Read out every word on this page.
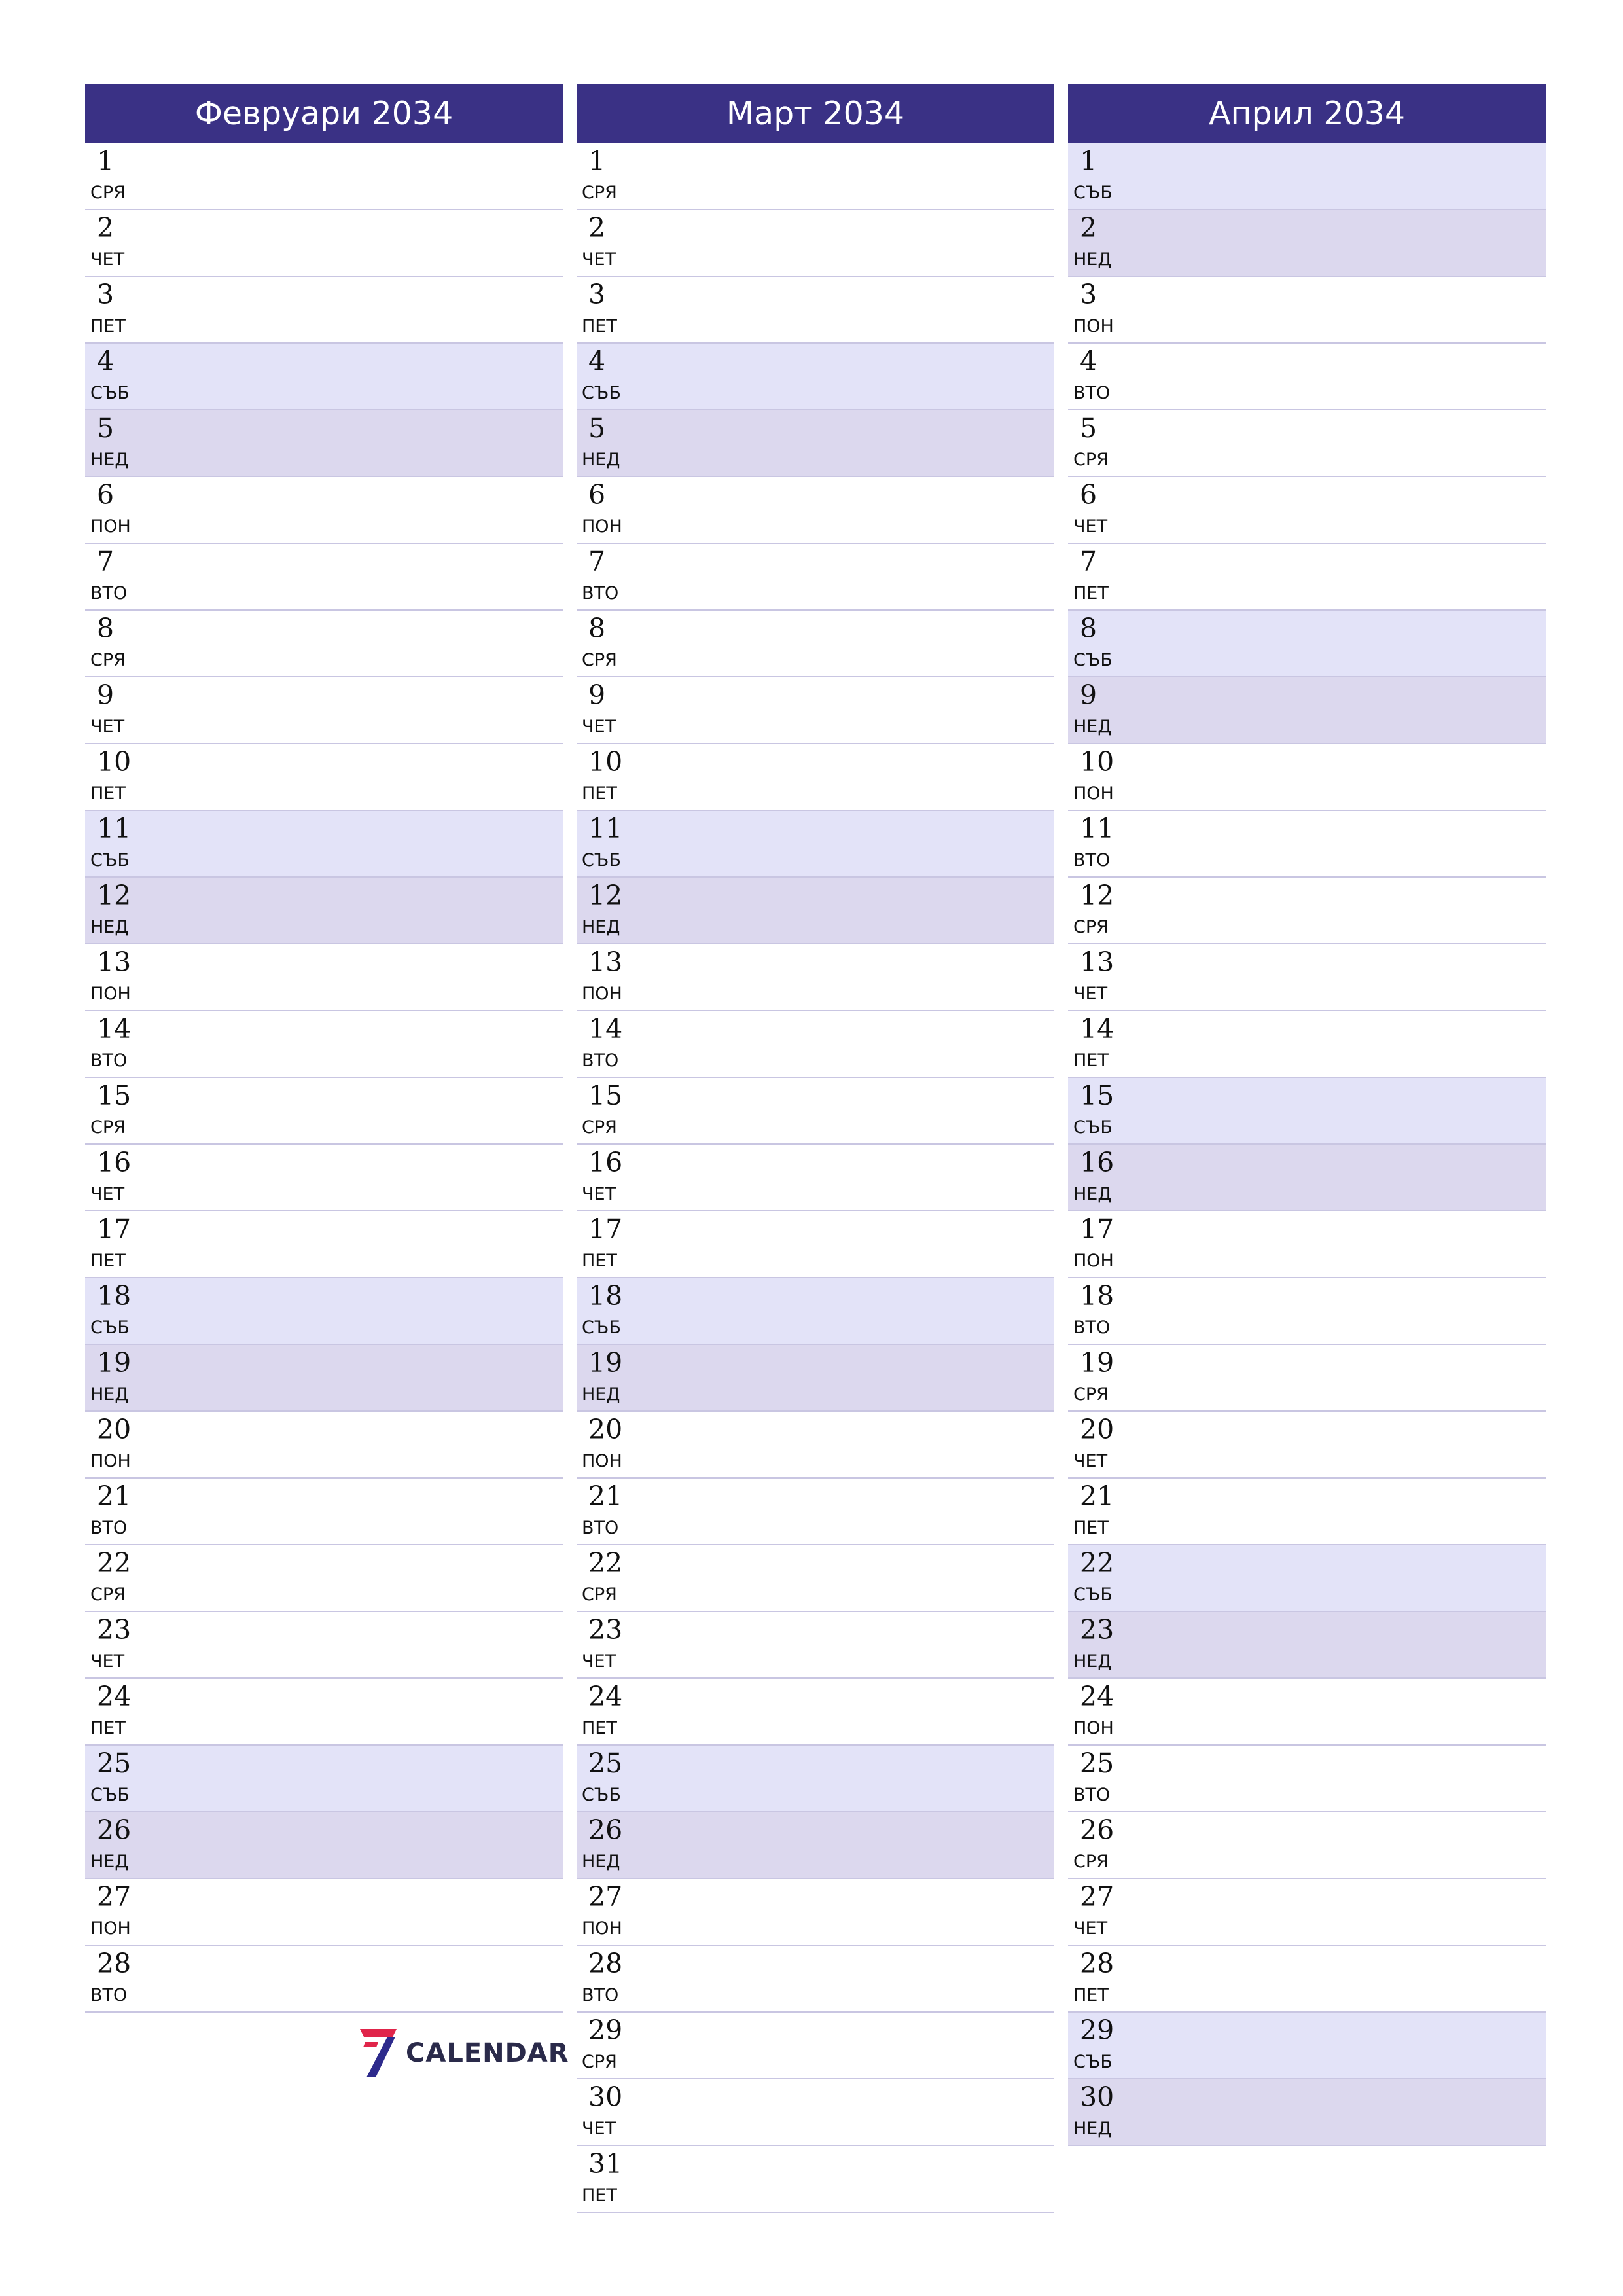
Февруари 2034
1
СРЯ
2
ЧЕТ
3
ПЕТ
4
СЪБ
5
НЕД
6
ПОН
7
ВТО
8
СРЯ
9
ЧЕТ
10
ПЕТ
11
СЪБ
12
НЕД
13
ПОН
14
ВТО
15
СРЯ
16
ЧЕТ
17
ПЕТ
18
СЪБ
19
НЕД
20
ПОН
21
ВТО
22
СРЯ
23
ЧЕТ
24
ПЕТ
25
СЪБ
26
НЕД
27
ПОН
28
ВТО
Март 2034
1
СРЯ
2
ЧЕТ
3
ПЕТ
4
СЪБ
5
НЕД
6
ПОН
7
ВТО
8
СРЯ
9
ЧЕТ
10
ПЕТ
11
СЪБ
12
НЕД
13
ПОН
14
ВТО
15
СРЯ
16
ЧЕТ
17
ПЕТ
18
СЪБ
19
НЕД
20
ПОН
21
ВТО
22
СРЯ
23
ЧЕТ
24
ПЕТ
25
СЪБ
26
НЕД
27
ПОН
28
ВТО
29
СРЯ
30
ЧЕТ
31
ПЕТ
Април 2034
1
СЪБ
2
НЕД
3
ПОН
4
ВТО
5
СРЯ
6
ЧЕТ
7
ПЕТ
8
СЪБ
9
НЕД
10
ПОН
11
ВТО
12
СРЯ
13
ЧЕТ
14
ПЕТ
15
СЪБ
16
НЕД
17
ПОН
18
ВТО
19
СРЯ
20
ЧЕТ
21
ПЕТ
22
СЪБ
23
НЕД
24
ПОН
25
ВТО
26
СРЯ
27
ЧЕТ
28
ПЕТ
29
СЪБ
30
НЕД
CALENDAR
